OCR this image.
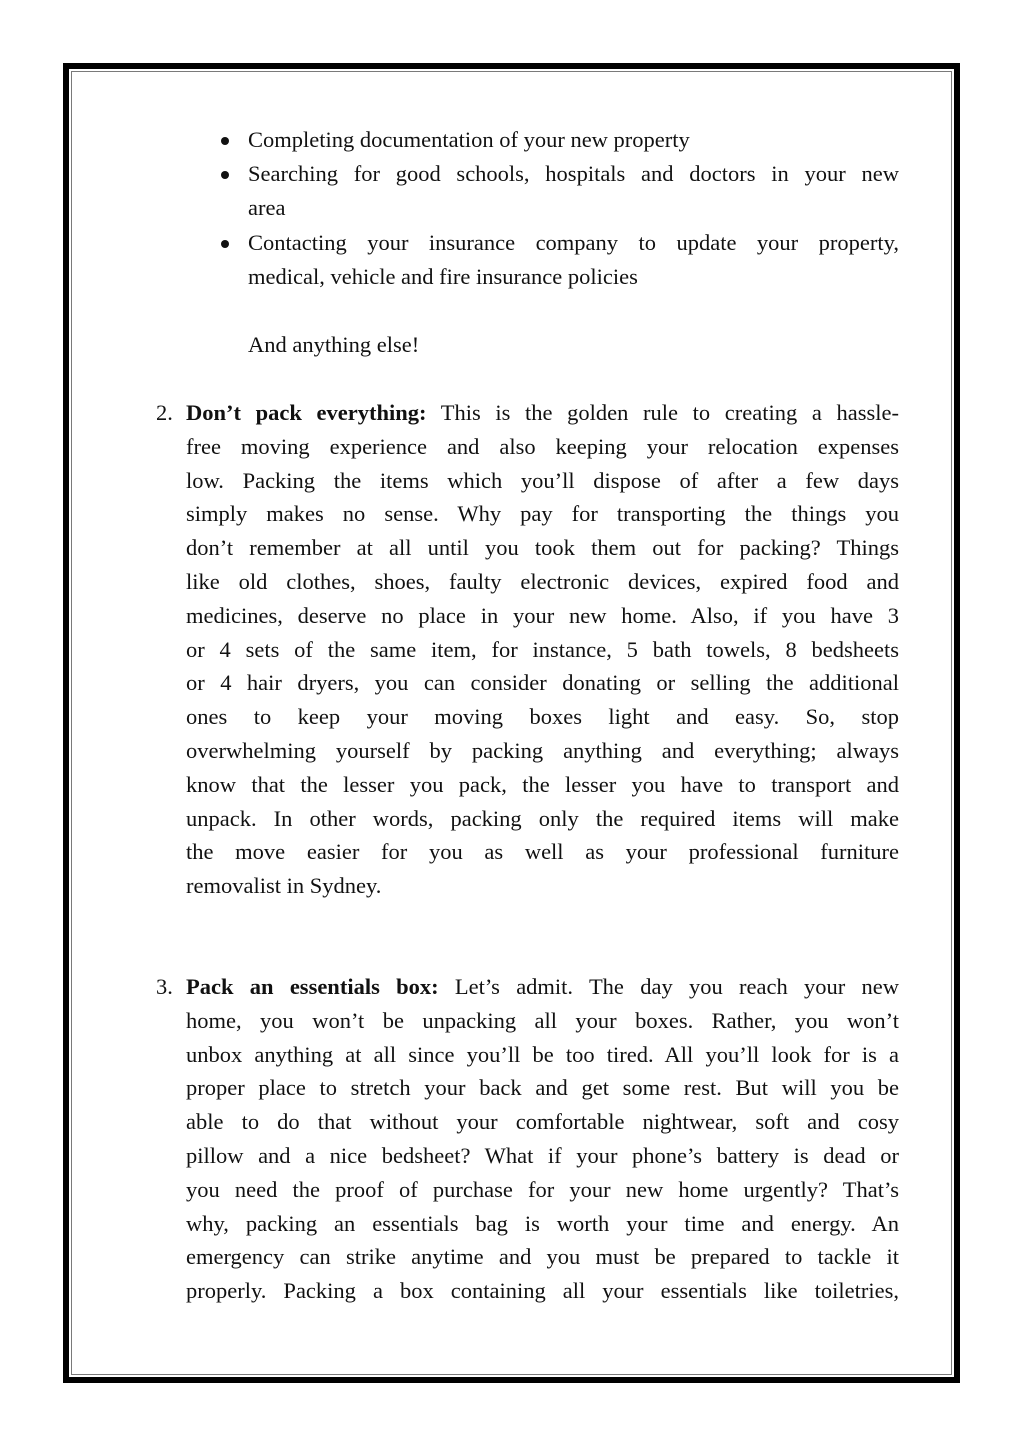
Completing documentation of your new property
Searching for good schools, hospitals and doctors in your new
area
Contacting your insurance company to update your property,
medical, vehicle and fire insurance policies
And anything else!
2. Don’t pack everything: This is the golden rule to creating a hassle-
free moving experience and also keeping your relocation expenses
low. Packing the items which you’ll dispose of after a few days
simply makes no sense. Why pay for transporting the things you
don’t remember at all until you took them out for packing? Things
like old clothes, shoes, faulty electronic devices, expired food and
medicines, deserve no place in your new home. Also, if you have 3
or 4 sets of the same item, for instance, 5 bath towels, 8 bedsheets
or 4 hair dryers, you can consider donating or selling the additional
ones to keep your moving boxes light and easy. So, stop
overwhelming yourself by packing anything and everything; always
know that the lesser you pack, the lesser you have to transport and
unpack. In other words, packing only the required items will make
the move easier for you as well as your professional furniture
removalist in Sydney.
3. Pack an essentials box: Let’s admit. The day you reach your new
home, you won’t be unpacking all your boxes. Rather, you won’t
unbox anything at all since you’ll be too tired. All you’ll look for is a
proper place to stretch your back and get some rest. But will you be
able to do that without your comfortable nightwear, soft and cosy
pillow and a nice bedsheet? What if your phone’s battery is dead or
you need the proof of purchase for your new home urgently? That’s
why, packing an essentials bag is worth your time and energy. An
emergency can strike anytime and you must be prepared to tackle it
properly. Packing a box containing all your essentials like toiletries,
